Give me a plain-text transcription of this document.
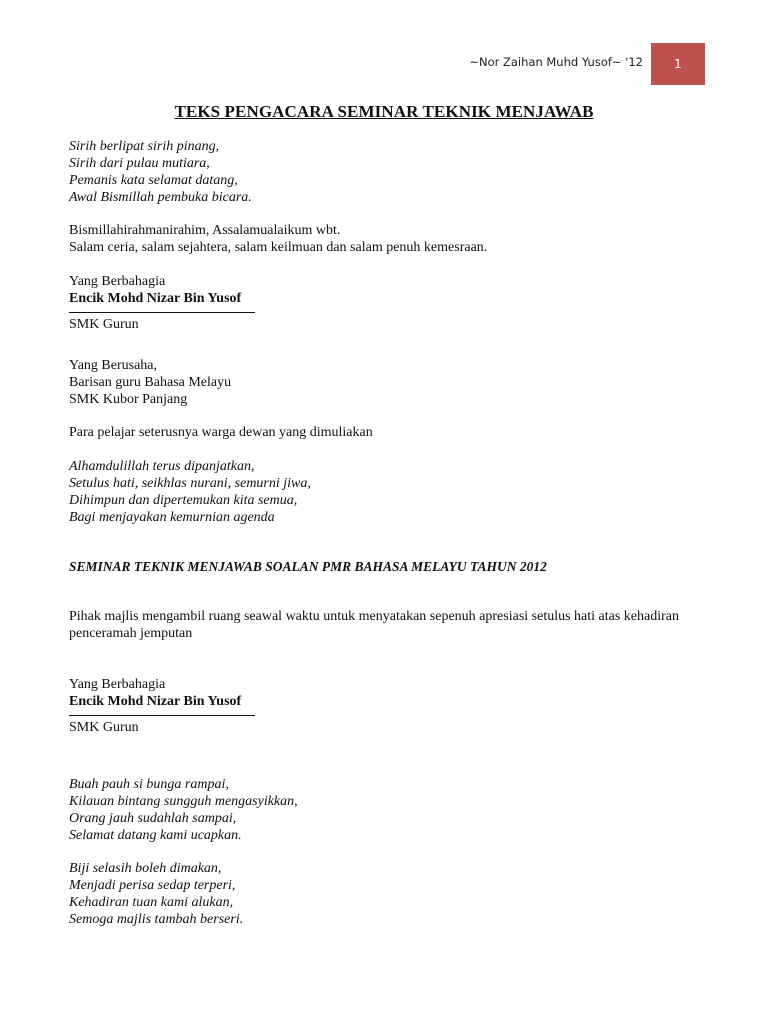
~Nor Zaihan Muhd Yusof~ '12	1
TEKS PENGACARA SEMINAR TEKNIK MENJAWAB
Sirih berlipat sirih pinang,
Sirih dari pulau mutiara,
Pemanis kata selamat datang,
Awal Bismillah pembuka bicara.
Bismillahirahmanirahim, Assalamualaikum wbt.
Salam ceria, salam sejahtera, salam keilmuan dan salam penuh kemesraan.
Yang Berbahagia
Encik Mohd Nizar Bin Yusof
SMK Gurun
Yang Berusaha,
Barisan guru Bahasa Melayu
SMK Kubor Panjang
Para pelajar seterusnya warga dewan yang dimuliakan
Alhamdulillah terus dipanjatkan,
Setulus hati, seikhlas nurani, semurni jiwa,
Dihimpun dan dipertemukan kita semua,
Bagi menjayakan kemurnian agenda
SEMINAR TEKNIK MENJAWAB SOALAN PMR BAHASA MELAYU TAHUN 2012
Pihak majlis mengambil ruang seawal waktu untuk menyatakan sepenuh apresiasi setulus hati atas kehadiran penceramah jemputan
Yang Berbahagia
Encik Mohd Nizar Bin Yusof
SMK Gurun
Buah pauh si bunga rampai,
Kilauan bintang sungguh mengasyikkan,
Orang jauh sudahlah sampai,
Selamat datang kami ucapkan.
Biji selasih boleh dimakan,
Menjadi perisa sedap terperi,
Kehadiran tuan kami alukan,
Semoga majlis tambah berseri.
